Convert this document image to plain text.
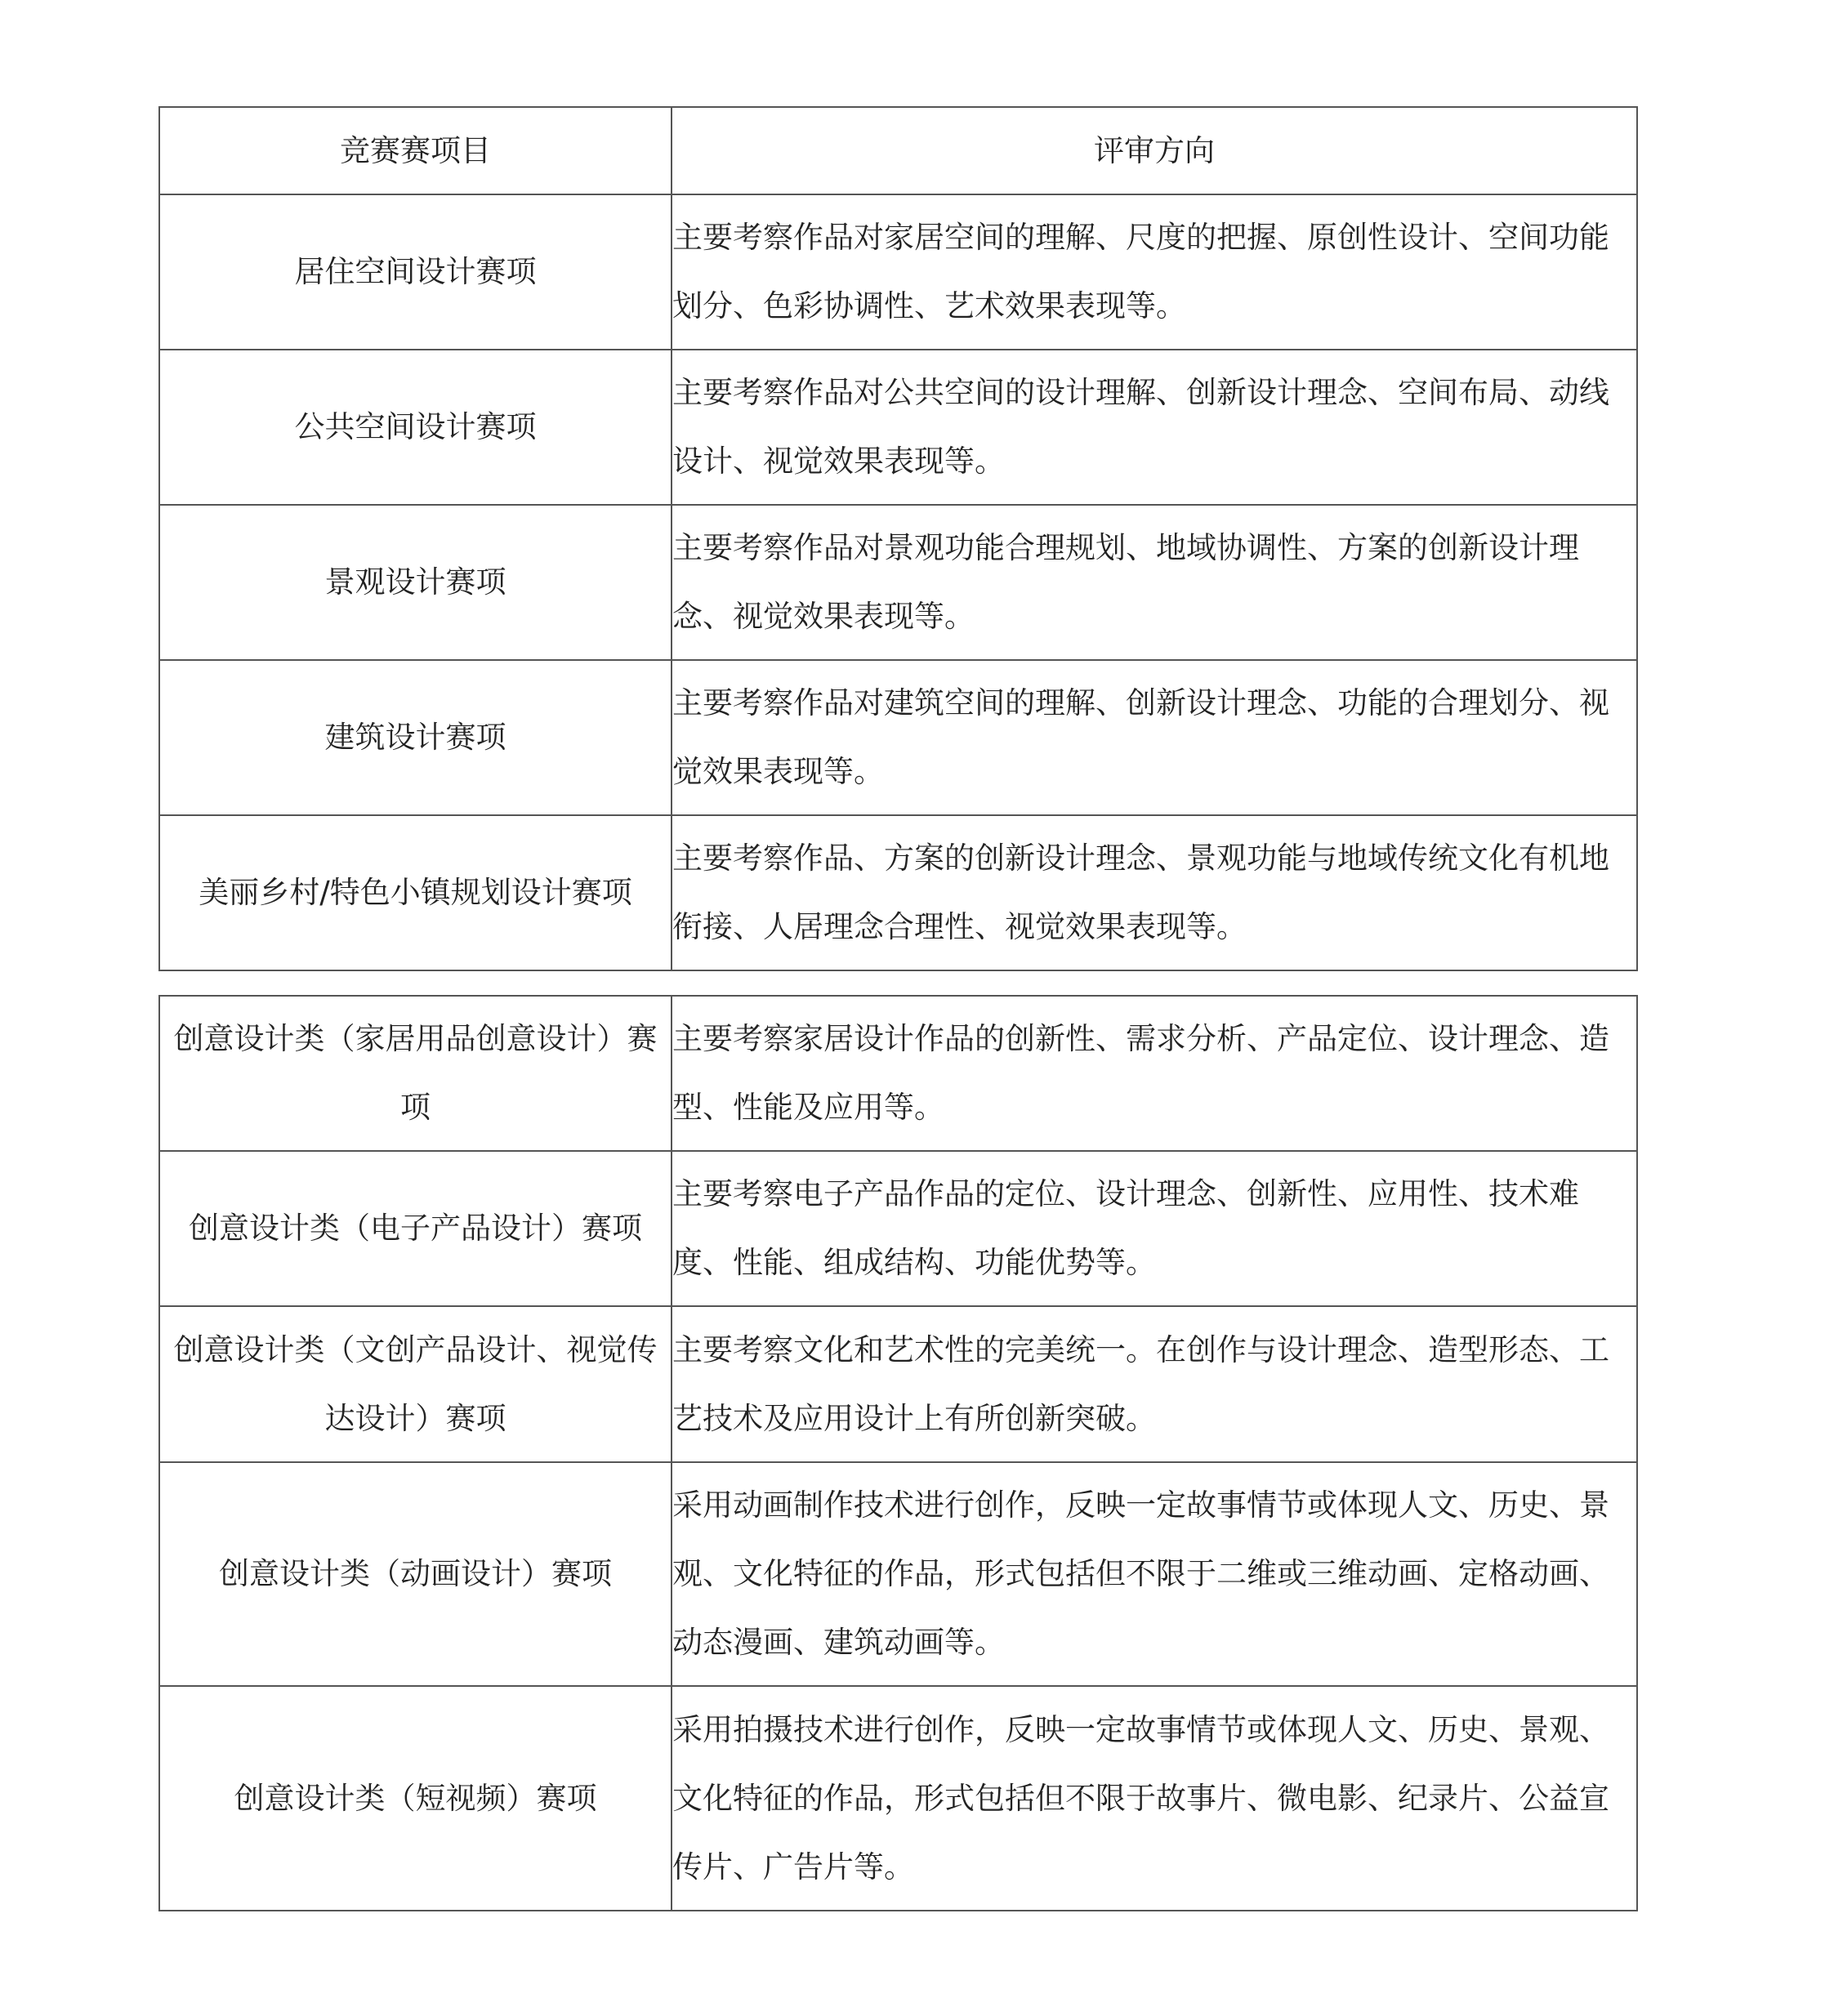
竞赛赛项目	评审方向
居住空间设计赛项	主要考察作品对家居空间的理解、尺度的把握、原创性设计、空间功能划分、色彩协调性、艺术效果表现等。
公共空间设计赛项	主要考察作品对公共空间的设计理解、创新设计理念、空间布局、动线设计、视觉效果表现等。
景观设计赛项	主要考察作品对景观功能合理规划、地域协调性、方案的创新设计理念、视觉效果表现等。
建筑设计赛项	主要考察作品对建筑空间的理解、创新设计理念、功能的合理划分、视觉效果表现等。
美丽乡村/特色小镇规划设计赛项	主要考察作品、方案的创新设计理念、景观功能与地域传统文化有机地衔接、人居理念合理性、视觉效果表现等。
创意设计类（家居用品创意设计）赛项	主要考察家居设计作品的创新性、需求分析、产品定位、设计理念、造型、性能及应用等。
创意设计类（电子产品设计）赛项	主要考察电子产品作品的定位、设计理念、创新性、应用性、技术难度、性能、组成结构、功能优势等。
创意设计类（文创产品设计、视觉传达设计）赛项	主要考察文化和艺术性的完美统一。在创作与设计理念、造型形态、工艺技术及应用设计上有所创新突破。
创意设计类（动画设计）赛项	采用动画制作技术进行创作，反映一定故事情节或体现人文、历史、景观、文化特征的作品，形式包括但不限于二维或三维动画、定格动画、动态漫画、建筑动画等。
创意设计类（短视频）赛项	采用拍摄技术进行创作，反映一定故事情节或体现人文、历史、景观、文化特征的作品，形式包括但不限于故事片、微电影、纪录片、公益宣传片、广告片等。
